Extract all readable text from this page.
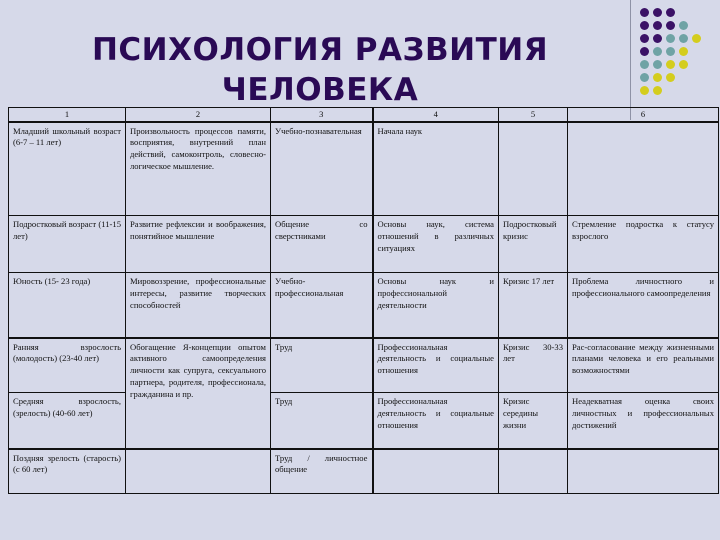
ПСИХОЛОГИЯ РАЗВИТИЯ
ЧЕЛОВЕКА
1	2	3	4	5	6
Младший школьный возраст (6-7 – 11 лет)	Произвольность процессов памяти, восприятия, внутренний план действий, самоконтроль, словесно-логическое мышление.	Учебно-познавательная	Начала наук		
Подростковый возраст (11-15 лет)	Развитие рефлексии и воображения, понятийное мышление	Общение со сверстниками	Основы наук, система отношений в различных ситуациях	Подростковый кризис	Стремление подростка к статусу взрослого
Юность (15- 23 года)	Мировоззрение, профессиональные интересы, развитие творческих способностей	Учебно-профессиональная	Основы наук и профессиональной деятельности	Кризис 17 лет	Проблема личностного и профессионального самоопределения
Ранняя взрослость (молодость) (23-40 лет)	Обогащение Я-концепции опытом активного самоопределения личности как супруга, сексуального партнера, родителя, профессионала, гражданина и пр.	Труд	Профессиональная деятельность и социальные отношения	Кризис 30-33 лет	Рас-согласование между жизненными планами человека и его реальными возможностями
Средняя взрослость, (зрелость) (40-60 лет)		Труд	Профессиональная деятельность и социальные отношения	Кризис середины жизни	Неадекватная оценка своих личностных и профессиональных достижений
Поздняя зрелость (старость) (с 60 лет)		Труд / личностное общение			
